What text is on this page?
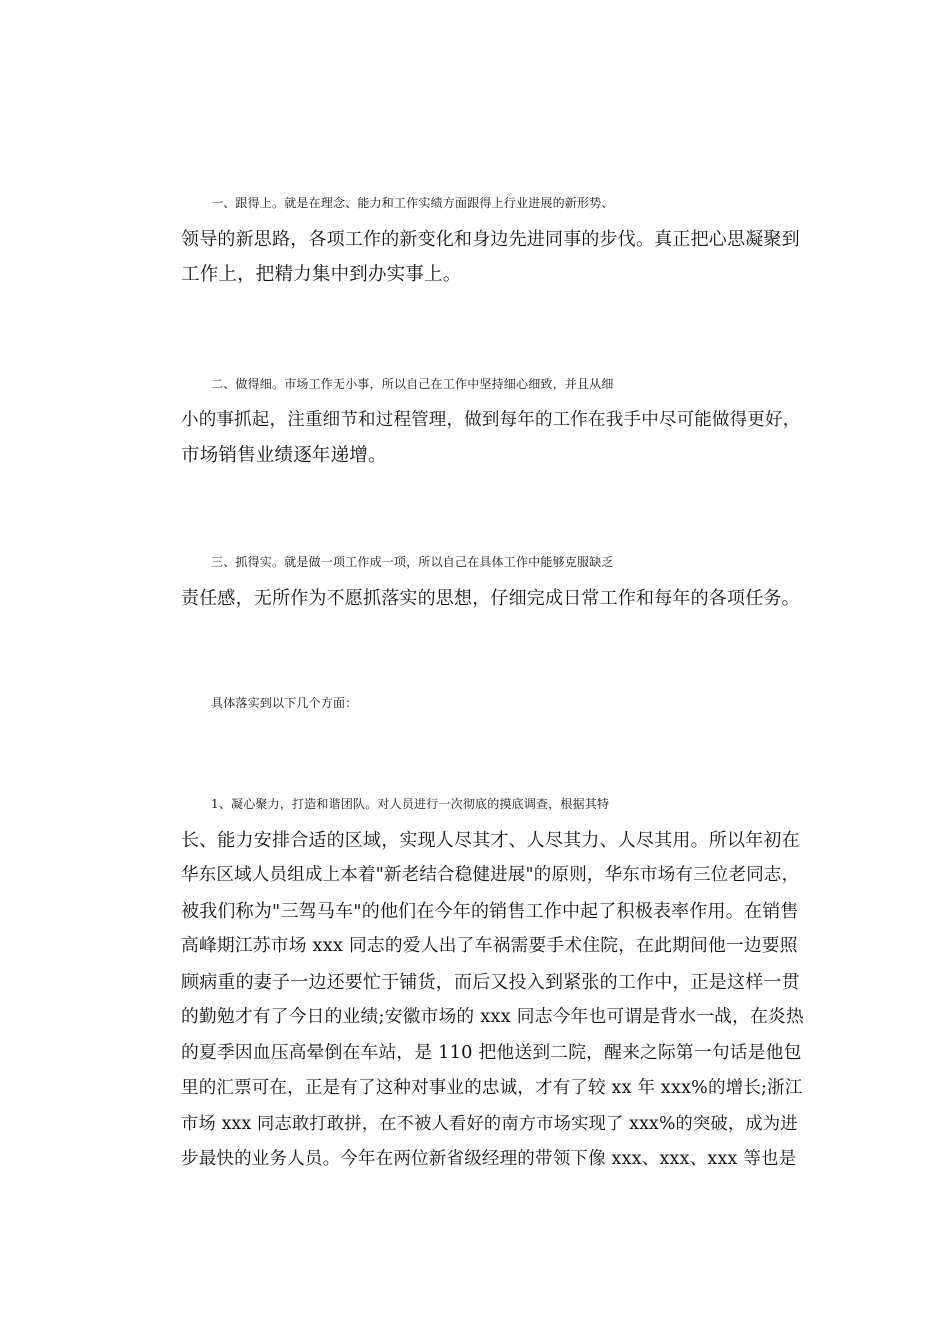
一、跟得上。就是在理念、能力和工作实绩方面跟得上行业进展的新形势、
领导的新思路，各项工作的新变化和身边先进同事的步伐。真正把心思凝聚到
工作上，把精力集中到办实事上。
二、做得细。市场工作无小事，所以自己在工作中坚持细心细致，并且从细
小的事抓起，注重细节和过程管理，做到每年的工作在我手中尽可能做得更好，
市场销售业绩逐年递增。
三、抓得实。就是做一项工作成一项，所以自己在具体工作中能够克服缺乏
责任感，无所作为不愿抓落实的思想，仔细完成日常工作和每年的各项任务。
具体落实到以下几个方面：
1、凝心聚力，打造和谐团队。对人员进行一次彻底的摸底调查，根据其特
长、能力安排合适的区域，实现人尽其才、人尽其力、人尽其用。所以年初在
华东区域人员组成上本着"新老结合稳健进展"的原则，华东市场有三位老同志，
被我们称为"三驾马车"的他们在今年的销售工作中起了积极表率作用。在销售
高峰期江苏市场 xxx 同志的爱人出了车祸需要手术住院，在此期间他一边要照
顾病重的妻子一边还要忙于铺货，而后又投入到紧张的工作中，正是这样一贯
的勤勉才有了今日的业绩;安徽市场的 xxx 同志今年也可谓是背水一战，在炎热
的夏季因血压高晕倒在车站，是 110 把他送到二院，醒来之际第一句话是他包
里的汇票可在，正是有了这种对事业的忠诚，才有了较 xx 年 xxx%的增长;浙江
市场 xxx 同志敢打敢拼，在不被人看好的南方市场实现了 xxx%的突破，成为进
步最快的业务人员。今年在两位新省级经理的带领下像 xxx、xxx、xxx 等也是
